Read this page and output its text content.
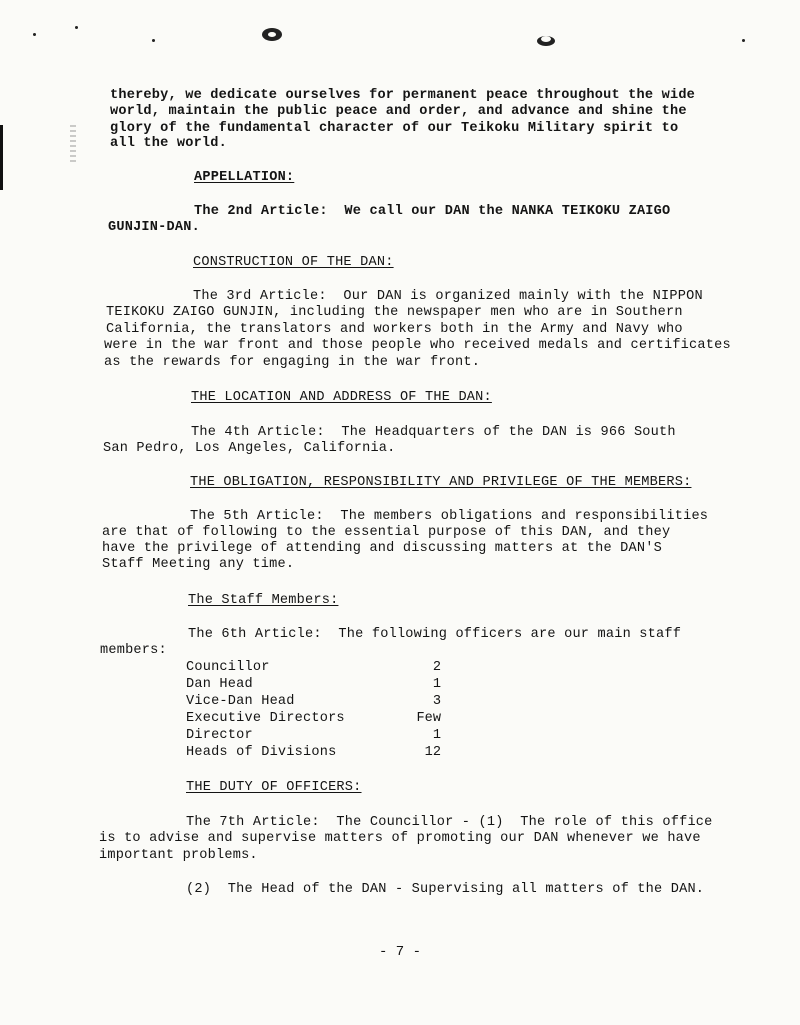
thereby, we dedicate ourselves for permanent peace throughout the wide
world, maintain the public peace and order, and advance and shine the
glory of the fundamental character of our Teikoku Military spirit to
all the world.
APPELLATION:
The 2nd Article:  We call our DAN the NANKA TEIKOKU ZAIGO
GUNJIN-DAN.
CONSTRUCTION OF THE DAN:
The 3rd Article:  Our DAN is organized mainly with the NIPPON
TEIKOKU ZAIGO GUNJIN, including the newspaper men who are in Southern
California, the translators and workers both in the Army and Navy who
were in the war front and those people who received medals and certificates
as the rewards for engaging in the war front.
THE LOCATION AND ADDRESS OF THE DAN:
The 4th Article:  The Headquarters of the DAN is 966 South
San Pedro, Los Angeles, California.
THE OBLIGATION, RESPONSIBILITY AND PRIVILEGE OF THE MEMBERS:
The 5th Article:  The members obligations and responsibilities
are that of following to the essential purpose of this DAN, and they
have the privilege of attending and discussing matters at the DAN'S
Staff Meeting any time.
The Staff Members:
The 6th Article:  The following officers are our main staff
members:
Councillor	2
Dan Head	1
Vice-Dan Head	3
Executive Directors	Few
Director	1
Heads of Divisions	12
THE DUTY OF OFFICERS:
The 7th Article:  The Councillor - (1)  The role of this office
is to advise and supervise matters of promoting our DAN whenever we have
important problems.
(2)  The Head of the DAN - Supervising all matters of the DAN.
- 7 -
